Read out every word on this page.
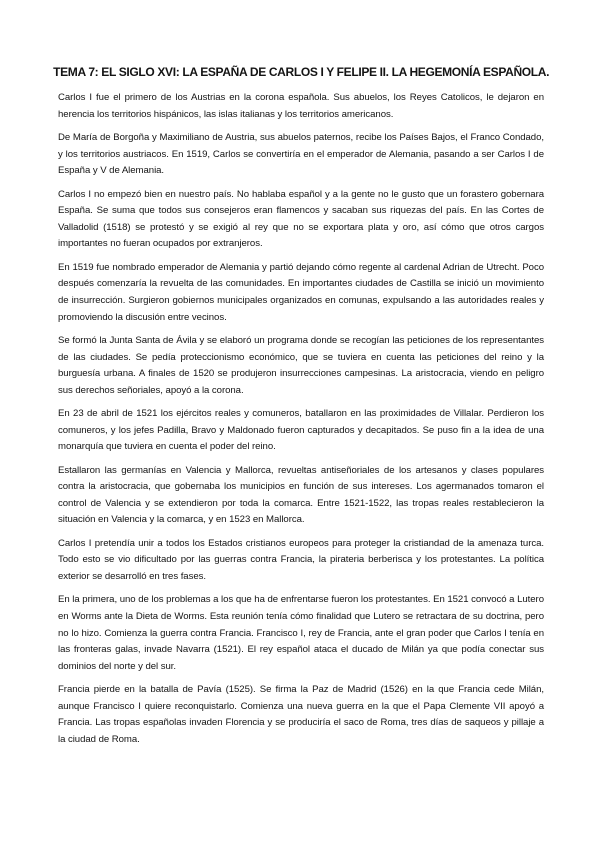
TEMA 7: EL SIGLO XVI: LA ESPAÑA DE CARLOS I Y FELIPE II. LA HEGEMONÍA ESPAÑOLA.

Carlos I fue el primero de los Austrias en la corona española. Sus abuelos, los Reyes Catolicos, le dejaron en herencia los territorios hispánicos, las islas italianas y los territorios americanos.

De María de Borgoña y Maximiliano de Austria, sus abuelos paternos, recibe los Países Bajos, el Franco Condado, y los territorios austriacos. En 1519, Carlos se convertiría en el emperador de Alemania, pasando a ser Carlos I de España y V de Alemania.

Carlos I no empezó bien en nuestro país. No hablaba español y a la gente no le gusto que un forastero gobernara España. Se suma que todos sus consejeros eran flamencos y sacaban sus riquezas del país. En las Cortes de Valladolid (1518) se protestó y se exigió al rey que no se exportara plata y oro, así cómo que otros cargos importantes no fueran ocupados por extranjeros.

En 1519 fue nombrado emperador de Alemania y partió dejando cómo regente al cardenal Adrian de Utrecht. Poco después comenzaría la revuelta de las comunidades. En importantes ciudades de Castilla se inició un movimiento de insurrección. Surgieron gobiernos municipales organizados en comunas, expulsando a las autoridades reales y promoviendo la discusión entre vecinos.

Se formó la Junta Santa de Ávila y se elaboró un programa donde se recogían las peticiones de los representantes de las ciudades. Se pedía proteccionismo económico, que se tuviera en cuenta las peticiones del reino y la burguesía urbana. A finales de 1520 se produjeron insurrecciones campesinas. La aristocracia, viendo en peligro sus derechos señoriales, apoyó a la corona.

En 23 de abril de 1521 los ejércitos reales y comuneros, batallaron en las proximidades de Villalar. Perdieron los comuneros, y los jefes Padilla, Bravo y Maldonado fueron capturados y decapitados. Se puso fin a la idea de una monarquía que tuviera en cuenta el poder del reino.

Estallaron las germanías en Valencia y Mallorca, revueltas antiseñoriales de los artesanos y clases populares contra la aristocracia, que gobernaba los municipios en función de sus intereses. Los agermanados tomaron el control de Valencia y se extendieron por toda la comarca. Entre 1521-1522, las tropas reales restablecieron la situación en Valencia y la comarca, y en 1523 en Mallorca.

Carlos I pretendía unir a todos los Estados cristianos europeos para proteger la cristiandad de la amenaza turca. Todo esto se vio dificultado por las guerras contra Francia, la pirateria berberisca y los protestantes. La política exterior se desarrolló en tres fases.

En la primera, uno de los problemas a los que ha de enfrentarse fueron los protestantes. En 1521 convocó a Lutero en Worms ante la Dieta de Worms. Esta reunión tenía cómo finalidad que Lutero se retractara de su doctrina, pero no lo hizo. Comienza la guerra contra Francia. Francisco I, rey de Francia, ante el gran poder que Carlos I tenía en las fronteras galas, invade Navarra (1521). El rey español ataca el ducado de Milán ya que podía conectar sus dominios del norte y del sur.

Francia pierde en la batalla de Pavía (1525). Se firma la Paz de Madrid (1526) en la que Francia cede Milán, aunque Francisco I quiere reconquistarlo. Comienza una nueva guerra en la que el Papa Clemente VII apoyó a Francia. Las tropas españolas invaden Florencia y se produciría el saco de Roma, tres días de saqueos y pillaje a la ciudad de Roma.
